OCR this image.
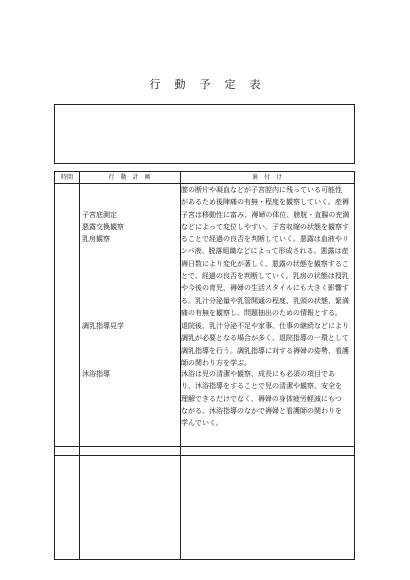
行 動 予 定 表
時間	行 動 計 画	裏 付 け
子宮底測定
悪露交換観察
乳房観察
調乳指導見学
沐浴指導
膣の断片や凝血などが子宮腔内に残っている可能性
があるため後陣痛の有無・程度を観察していく。産褥
子宮は移動性に富み、褥婦の体位、膀胱・直腸の充満
などによって変位しやすい。子宮収縮の状態を観察す
ることで経過の良否を判断していく。悪露は血液やリ
ンパ液、脱落組織などによって形成される。悪露は産
褥日数により変化が著しく、悪露の状態を観察するこ
とで、経過の良否を判断していく。乳房の状態は授乳
や今後の育児、褥婦の生活スタイルにも大きく影響す
る。乳汁分泌量や乳管開通の程度、乳頭の状態、緊満
痛の有無を観察し、問題抽出のための情報とする。
退院後、乳汁分泌不足や家事、仕事の継続などにより
調乳が必要となる場合が多く、退院指導の一環として
調乳指導を行う。調乳指導に対する褥婦の姿勢、看護
師の関わり方を学ぶ。
沐浴は児の清潔や観察、成長にも必須の項目であ
り、沐浴指導をすることで児の清潔や観察、安全を
理解できるだけでなく、褥婦の身体疲労軽減にもつ
ながる。沐浴指導のなかで褥婦と看護師の関わりを
学んでいく。
